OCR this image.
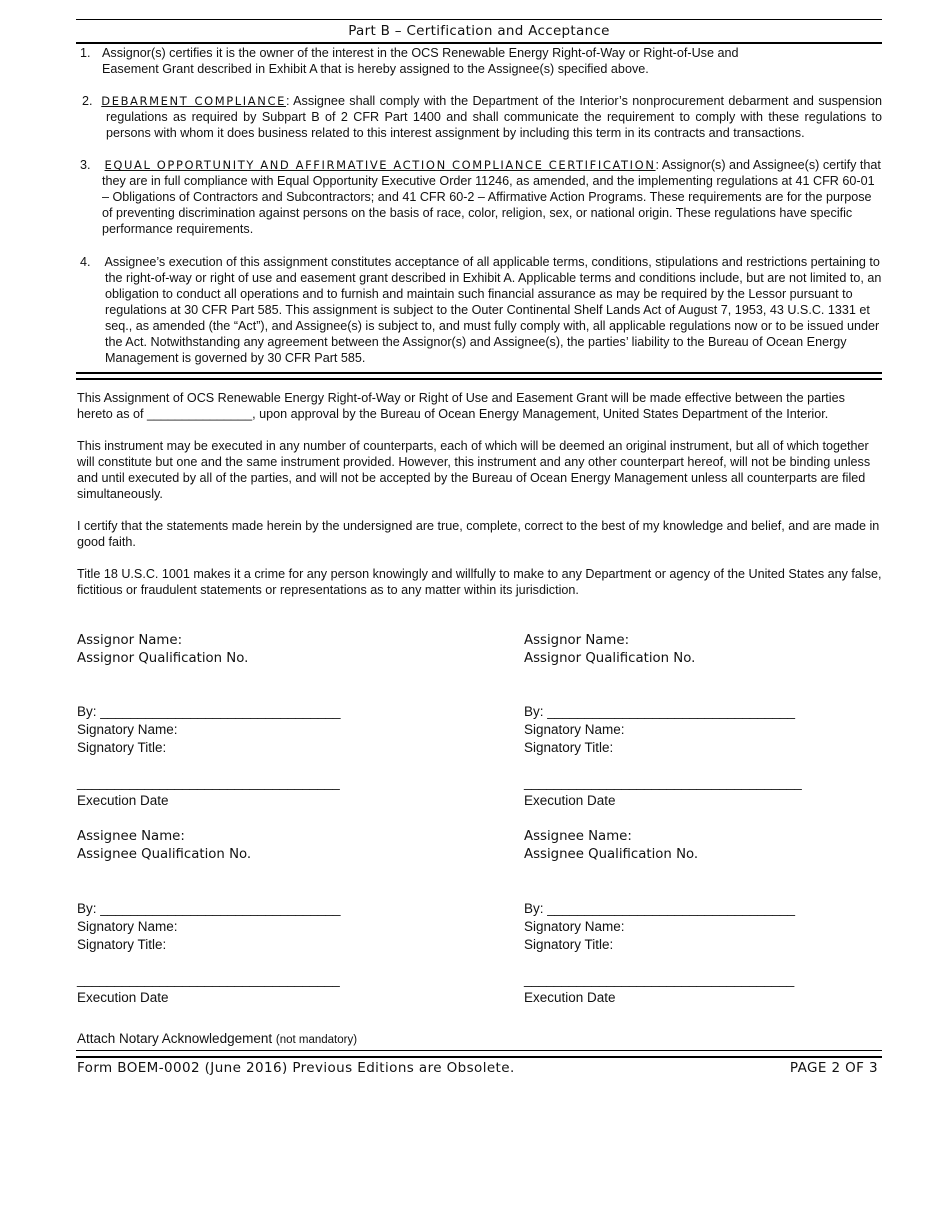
Part B – Certification and Acceptance
1. Assignor(s) certifies it is the owner of the interest in the OCS Renewable Energy Right-of-Way or Right-of-Use and Easement Grant described in Exhibit A that is hereby assigned to the Assignee(s) specified above.
2. DEBARMENT COMPLIANCE: Assignee shall comply with the Department of the Interior’s nonprocurement debarment and suspension regulations as required by Subpart B of 2 CFR Part 1400 and shall communicate the requirement to comply with these regulations to persons with whom it does business related to this interest assignment by including this term in its contracts and transactions.
3. EQUAL OPPORTUNITY AND AFFIRMATIVE ACTION COMPLIANCE CERTIFICATION: Assignor(s) and Assignee(s) certify that they are in full compliance with Equal Opportunity Executive Order 11246, as amended, and the implementing regulations at 41 CFR 60-01 – Obligations of Contractors and Subcontractors; and 41 CFR 60-2 – Affirmative Action Programs. These requirements are for the purpose of preventing discrimination against persons on the basis of race, color, religion, sex, or national origin. These regulations have specific performance requirements.
4. Assignee’s execution of this assignment constitutes acceptance of all applicable terms, conditions, stipulations and restrictions pertaining to the right-of-way or right of use and easement grant described in Exhibit A. Applicable terms and conditions include, but are not limited to, an obligation to conduct all operations and to furnish and maintain such financial assurance as may be required by the Lessor pursuant to regulations at 30 CFR Part 585. This assignment is subject to the Outer Continental Shelf Lands Act of August 7, 1953, 43 U.S.C. 1331 et seq., as amended (the “Act”), and Assignee(s) is subject to, and must fully comply with, all applicable regulations now or to be issued under the Act. Notwithstanding any agreement between the Assignor(s) and Assignee(s), the parties’ liability to the Bureau of Ocean Energy Management is governed by 30 CFR Part 585.
This Assignment of OCS Renewable Energy Right-of-Way or Right of Use and Easement Grant will be made effective between the parties hereto as of _______________, upon approval by the Bureau of Ocean Energy Management, United States Department of the Interior.
This instrument may be executed in any number of counterparts, each of which will be deemed an original instrument, but all of which together will constitute but one and the same instrument provided. However, this instrument and any other counterpart hereof, will not be binding unless and until executed by all of the parties, and will not be accepted by the Bureau of Ocean Energy Management unless all counterparts are filed simultaneously.
I certify that the statements made herein by the undersigned are true, complete, correct to the best of my knowledge and belief, and are made in good faith.
Title 18 U.S.C. 1001 makes it a crime for any person knowingly and willfully to make to any Department or agency of the United States any false, fictitious or fraudulent statements or representations as to any matter within its jurisdiction.
Assignor Name:
Assignor Qualification No.
Assignor Name:
Assignor Qualification No.
By: ________________________________
Signatory Name:
Signatory Title:
By: _________________________________
Signatory Name:
Signatory Title:
___________________________________
Execution Date
_____________________________________
Execution Date
Assignee Name:
Assignee Qualification No.
Assignee Name:
Assignee Qualification No.
By: ________________________________
Signatory Name:
Signatory Title:
By: _________________________________
Signatory Name:
Signatory Title:
___________________________________
Execution Date
____________________________________
Execution Date
Attach Notary Acknowledgement (not mandatory)
Form BOEM-0002 (June 2016) Previous Editions are Obsolete.	PAGE 2 OF 3
